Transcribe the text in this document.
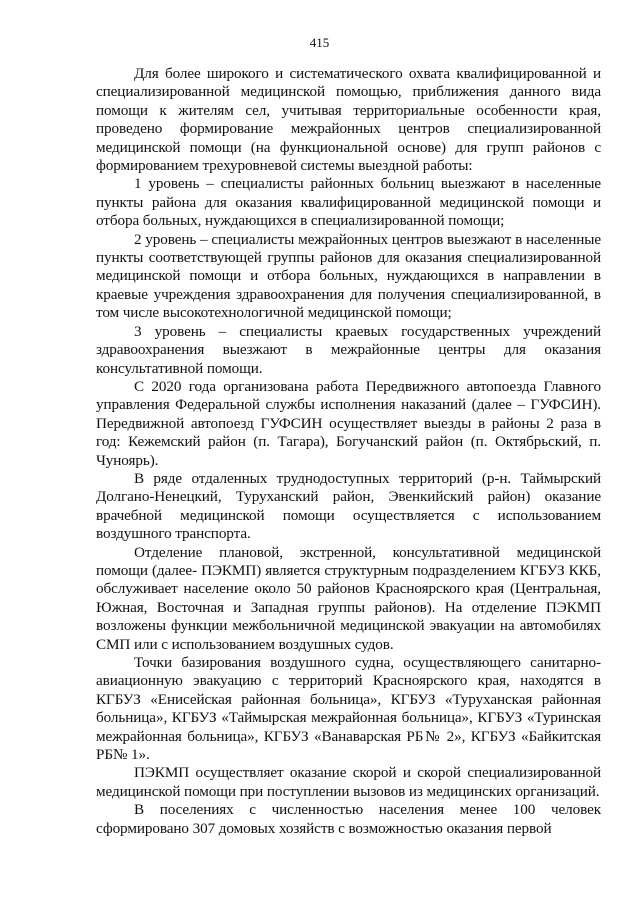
415

Для более широкого и систематического охвата квалифицированной и специализированной медицинской помощью, приближения данного вида помощи к жителям сел, учитывая территориальные особенности края, проведено формирование межрайонных центров специализированной медицинской помощи (на функциональной основе) для групп районов с формированием трехуровневой системы выездной работы:

1 уровень – специалисты районных больниц выезжают в населенные пункты района для оказания квалифицированной медицинской помощи и отбора больных, нуждающихся в специализированной помощи;

2 уровень – специалисты межрайонных центров выезжают в населенные пункты соответствующей группы районов для оказания специализированной медицинской помощи и отбора больных, нуждающихся в направлении в краевые учреждения здравоохранения для получения специализированной, в том числе высокотехнологичной медицинской помощи;

3 уровень – специалисты краевых государственных учреждений здравоохранения выезжают в межрайонные центры для оказания консультативной помощи.

С 2020 года организована работа Передвижного автопоезда Главного управления Федеральной службы исполнения наказаний (далее – ГУФСИН). Передвижной автопоезд ГУФСИН осуществляет выезды в районы 2 раза в год: Кежемский район (п. Тагара), Богучанский район (п. Октябрьский, п. Чуноярь).

В ряде отдаленных труднодоступных территорий (р-н. Таймырский Долгано-Ненецкий, Туруханский район, Эвенкийский район) оказание врачебной медицинской помощи осуществляется с использованием воздушного транспорта.

Отделение плановой, экстренной, консультативной медицинской помощи (далее- ПЭКМП) является структурным подразделением КГБУЗ ККБ, обслуживает население около 50 районов Красноярского края (Центральная, Южная, Восточная и Западная группы районов). На отделение ПЭКМП возложены функции межбольничной медицинской эвакуации на автомобилях СМП или с использованием воздушных судов.

Точки базирования воздушного судна, осуществляющего санитарно-авиационную эвакуацию с территорий Красноярского края, находятся в КГБУЗ «Енисейская районная больница», КГБУЗ «Туруханская районная больница», КГБУЗ «Таймырская межрайонная больница», КГБУЗ «Туринская межрайонная больница», КГБУЗ «Ванаварская РБ№ 2», КГБУЗ «Байкитская РБ№ 1».

ПЭКМП осуществляет оказание скорой и скорой специализированной медицинской помощи при поступлении вызовов из медицинских организаций.

В поселениях с численностью населения менее 100 человек сформировано 307 домовых хозяйств с возможностью оказания первой
